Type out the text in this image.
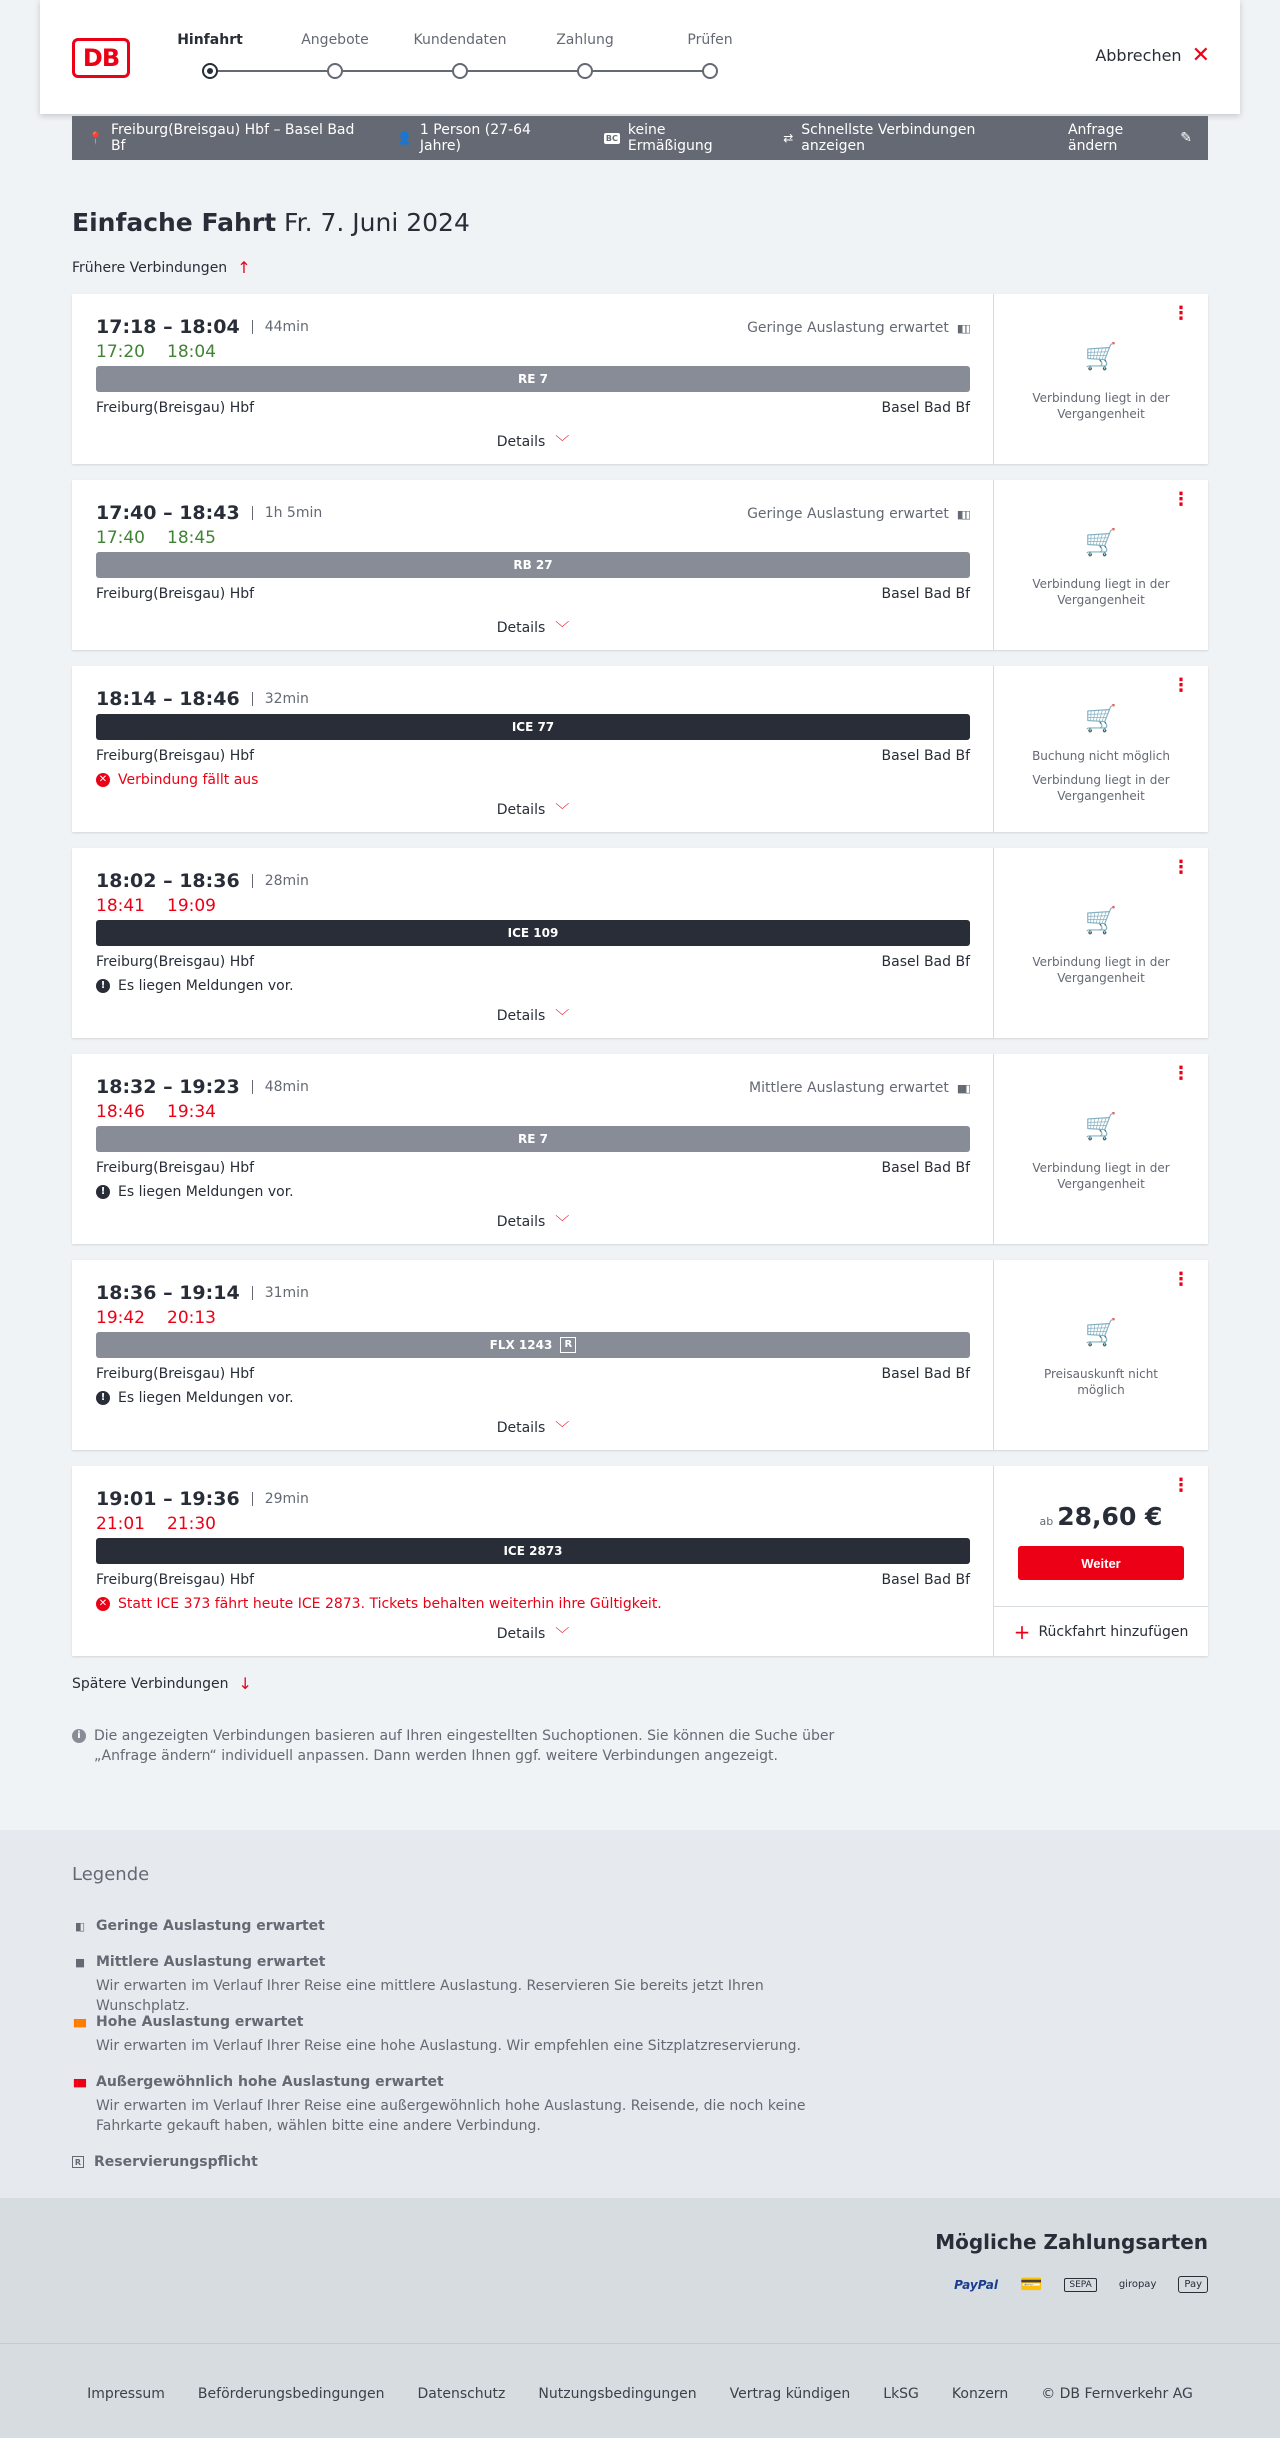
DB
Hinfahrt	Angebote	Kundendaten	Zahlung	Prüfen
Abbrechen ✕
📍 Freiburg(Breisgau) Hbf – Basel Bad Bf	👤 1 Person (27-64 Jahre)	BC keine Ermäßigung	⇄ Schnellste Verbindungen anzeigen
Anfrage ändern	✎
Einfache Fahrt Fr. 7. Juni 2024
Frühere Verbindungen ↑
17:18 – 18:04	44min	Geringe Auslastung erwartet ▮▯▯
17:20 18:04
RE 7
Freiburg(Breisgau) Hbf	Basel Bad Bf
Details ﹀
⋮
🛒
Verbindung liegt in der Vergangenheit
17:40 – 18:43	1h 5min	Geringe Auslastung erwartet ▮▯▯
17:40 18:45
RB 27
Freiburg(Breisgau) Hbf	Basel Bad Bf
Details ﹀
⋮
🛒
Verbindung liegt in der Vergangenheit
18:14 – 18:46	32min
ICE 77
Freiburg(Breisgau) Hbf	Basel Bad Bf
✕ Verbindung fällt aus
Details ﹀
⋮
🛒
Buchung nicht möglich
Verbindung liegt in der Vergangenheit
18:02 – 18:36	28min
18:41 19:09
ICE 109
Freiburg(Breisgau) Hbf	Basel Bad Bf
! Es liegen Meldungen vor.
Details ﹀
⋮
🛒
Verbindung liegt in der Vergangenheit
18:32 – 19:23	48min	Mittlere Auslastung erwartet ▮▮▯
18:46 19:34
RE 7
Freiburg(Breisgau) Hbf	Basel Bad Bf
! Es liegen Meldungen vor.
Details ﹀
⋮
🛒
Verbindung liegt in der Vergangenheit
18:36 – 19:14	31min
19:42 20:13
FLX 1243	R
Freiburg(Breisgau) Hbf	Basel Bad Bf
! Es liegen Meldungen vor.
Details ﹀
⋮
🛒
Preisauskunft nicht möglich
19:01 – 19:36	29min
21:01 21:30
ICE 2873
Freiburg(Breisgau) Hbf	Basel Bad Bf
✕ Statt ICE 373 fährt heute ICE 2873. Tickets behalten weiterhin ihre Gültigkeit.
Details ﹀
⋮
ab 28,60 €
Weiter
+ Rückfahrt hinzufügen
Spätere Verbindungen ↓
i Die angezeigten Verbindungen basieren auf Ihren eingestellten Suchoptionen. Sie können die Suche über „Anfrage ändern“ individuell anpassen. Dann werden Ihnen ggf. weitere Verbindungen angezeigt.
Legende
▮▯ Geringe Auslastung erwartet
▮▮ Mittlere Auslastung erwartet
Wir erwarten im Verlauf Ihrer Reise eine mittlere Auslastung. Reservieren Sie bereits jetzt Ihren Wunschplatz.
▮▮▮ Hohe Auslastung erwartet
Wir erwarten im Verlauf Ihrer Reise eine hohe Auslastung. Wir empfehlen eine Sitzplatzreservierung.
▮▮▮ Außergewöhnlich hohe Auslastung erwartet
Wir erwarten im Verlauf Ihrer Reise eine außergewöhnlich hohe Auslastung. Reisende, die noch keine Fahrkarte gekauft haben, wählen bitte eine andere Verbindung.
R Reservierungspflicht
Mögliche Zahlungsarten
PayPal 💳	SEPA	giropay	Pay
Impressum Beförderungsbedingungen Datenschutz Nutzungsbedingungen Vertrag kündigen LkSG Konzern © DB Fernverkehr AG
